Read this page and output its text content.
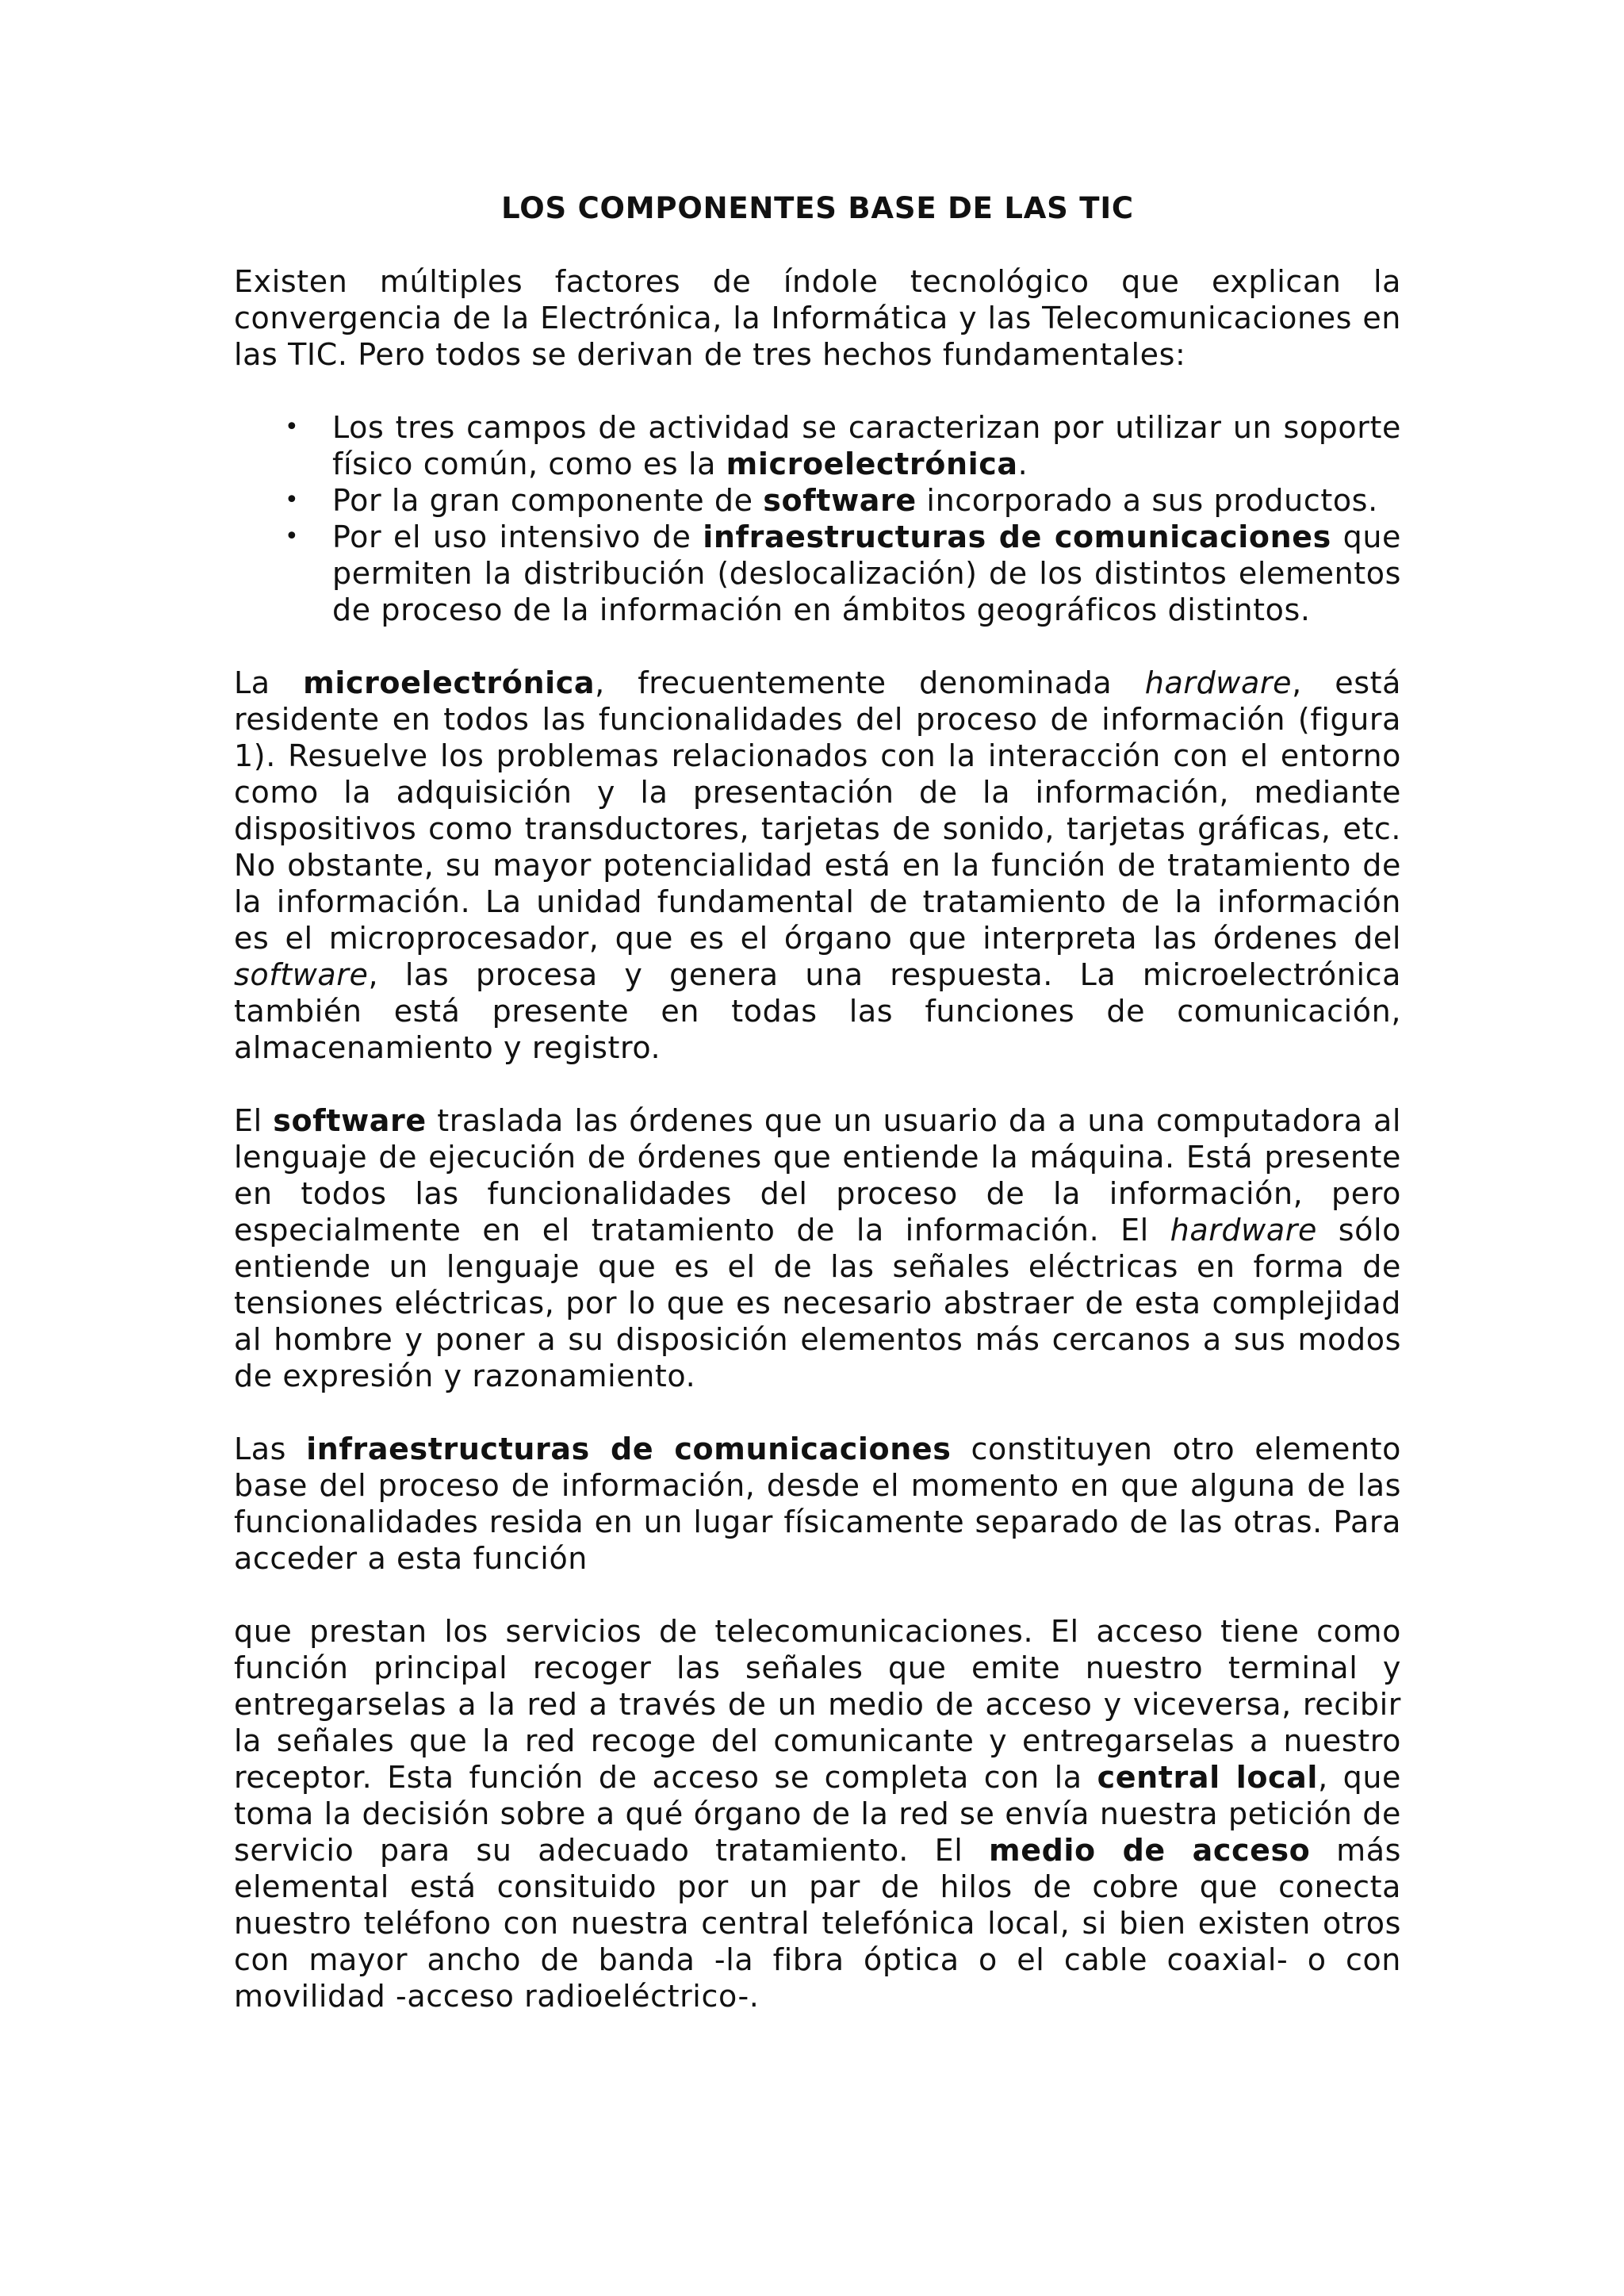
LOS COMPONENTES BASE DE LAS TIC

Existen múltiples factores de índole tecnológico que explican la convergencia de la Electrónica, la Informática y las Telecomunicaciones en las TIC. Pero todos se derivan de tres hechos fundamentales:

• Los tres campos de actividad se caracterizan por utilizar un soporte físico común, como es la microelectrónica.
• Por la gran componente de software incorporado a sus productos.
• Por el uso intensivo de infraestructuras de comunicaciones que permiten la distribución (deslocalización) de los distintos elementos de proceso de la información en ámbitos geográficos distintos.

La microelectrónica, frecuentemente denominada hardware, está residente en todos las funcionalidades del proceso de información (figura 1). Resuelve los problemas relacionados con la interacción con el entorno como la adquisición y la presentación de la información, mediante dispositivos como transductores, tarjetas de sonido, tarjetas gráficas, etc. No obstante, su mayor potencialidad está en la función de tratamiento de la información. La unidad fundamental de tratamiento de la información es el microprocesador, que es el órgano que interpreta las órdenes del software, las procesa y genera una respuesta. La microelectrónica también está presente en todas las funciones de comunicación, almacenamiento y registro.

El software traslada las órdenes que un usuario da a una computadora al lenguaje de ejecución de órdenes que entiende la máquina. Está presente en todos las funcionalidades del proceso de la información, pero especialmente en el tratamiento de la información. El hardware sólo entiende un lenguaje que es el de las señales eléctricas en forma de tensiones eléctricas, por lo que es necesario abstraer de esta complejidad al hombre y poner a su disposición elementos más cercanos a sus modos de expresión y razonamiento.

Las infraestructuras de comunicaciones constituyen otro elemento base del proceso de información, desde el momento en que alguna de las funcionalidades resida en un lugar físicamente separado de las otras. Para acceder a esta función

que prestan los servicios de telecomunicaciones. El acceso tiene como función principal recoger las señales que emite nuestro terminal y entregarselas a la red a través de un medio de acceso y viceversa, recibir la señales que la red recoge del comunicante y entregarselas a nuestro receptor. Esta función de acceso se completa con la central local, que toma la decisión sobre a qué órgano de la red se envía nuestra petición de servicio para su adecuado tratamiento. El medio de acceso más elemental está consituido por un par de hilos de cobre que conecta nuestro teléfono con nuestra central telefónica local, si bien existen otros con mayor ancho de banda -la fibra óptica o el cable coaxial- o con movilidad -acceso radioeléctrico-.
